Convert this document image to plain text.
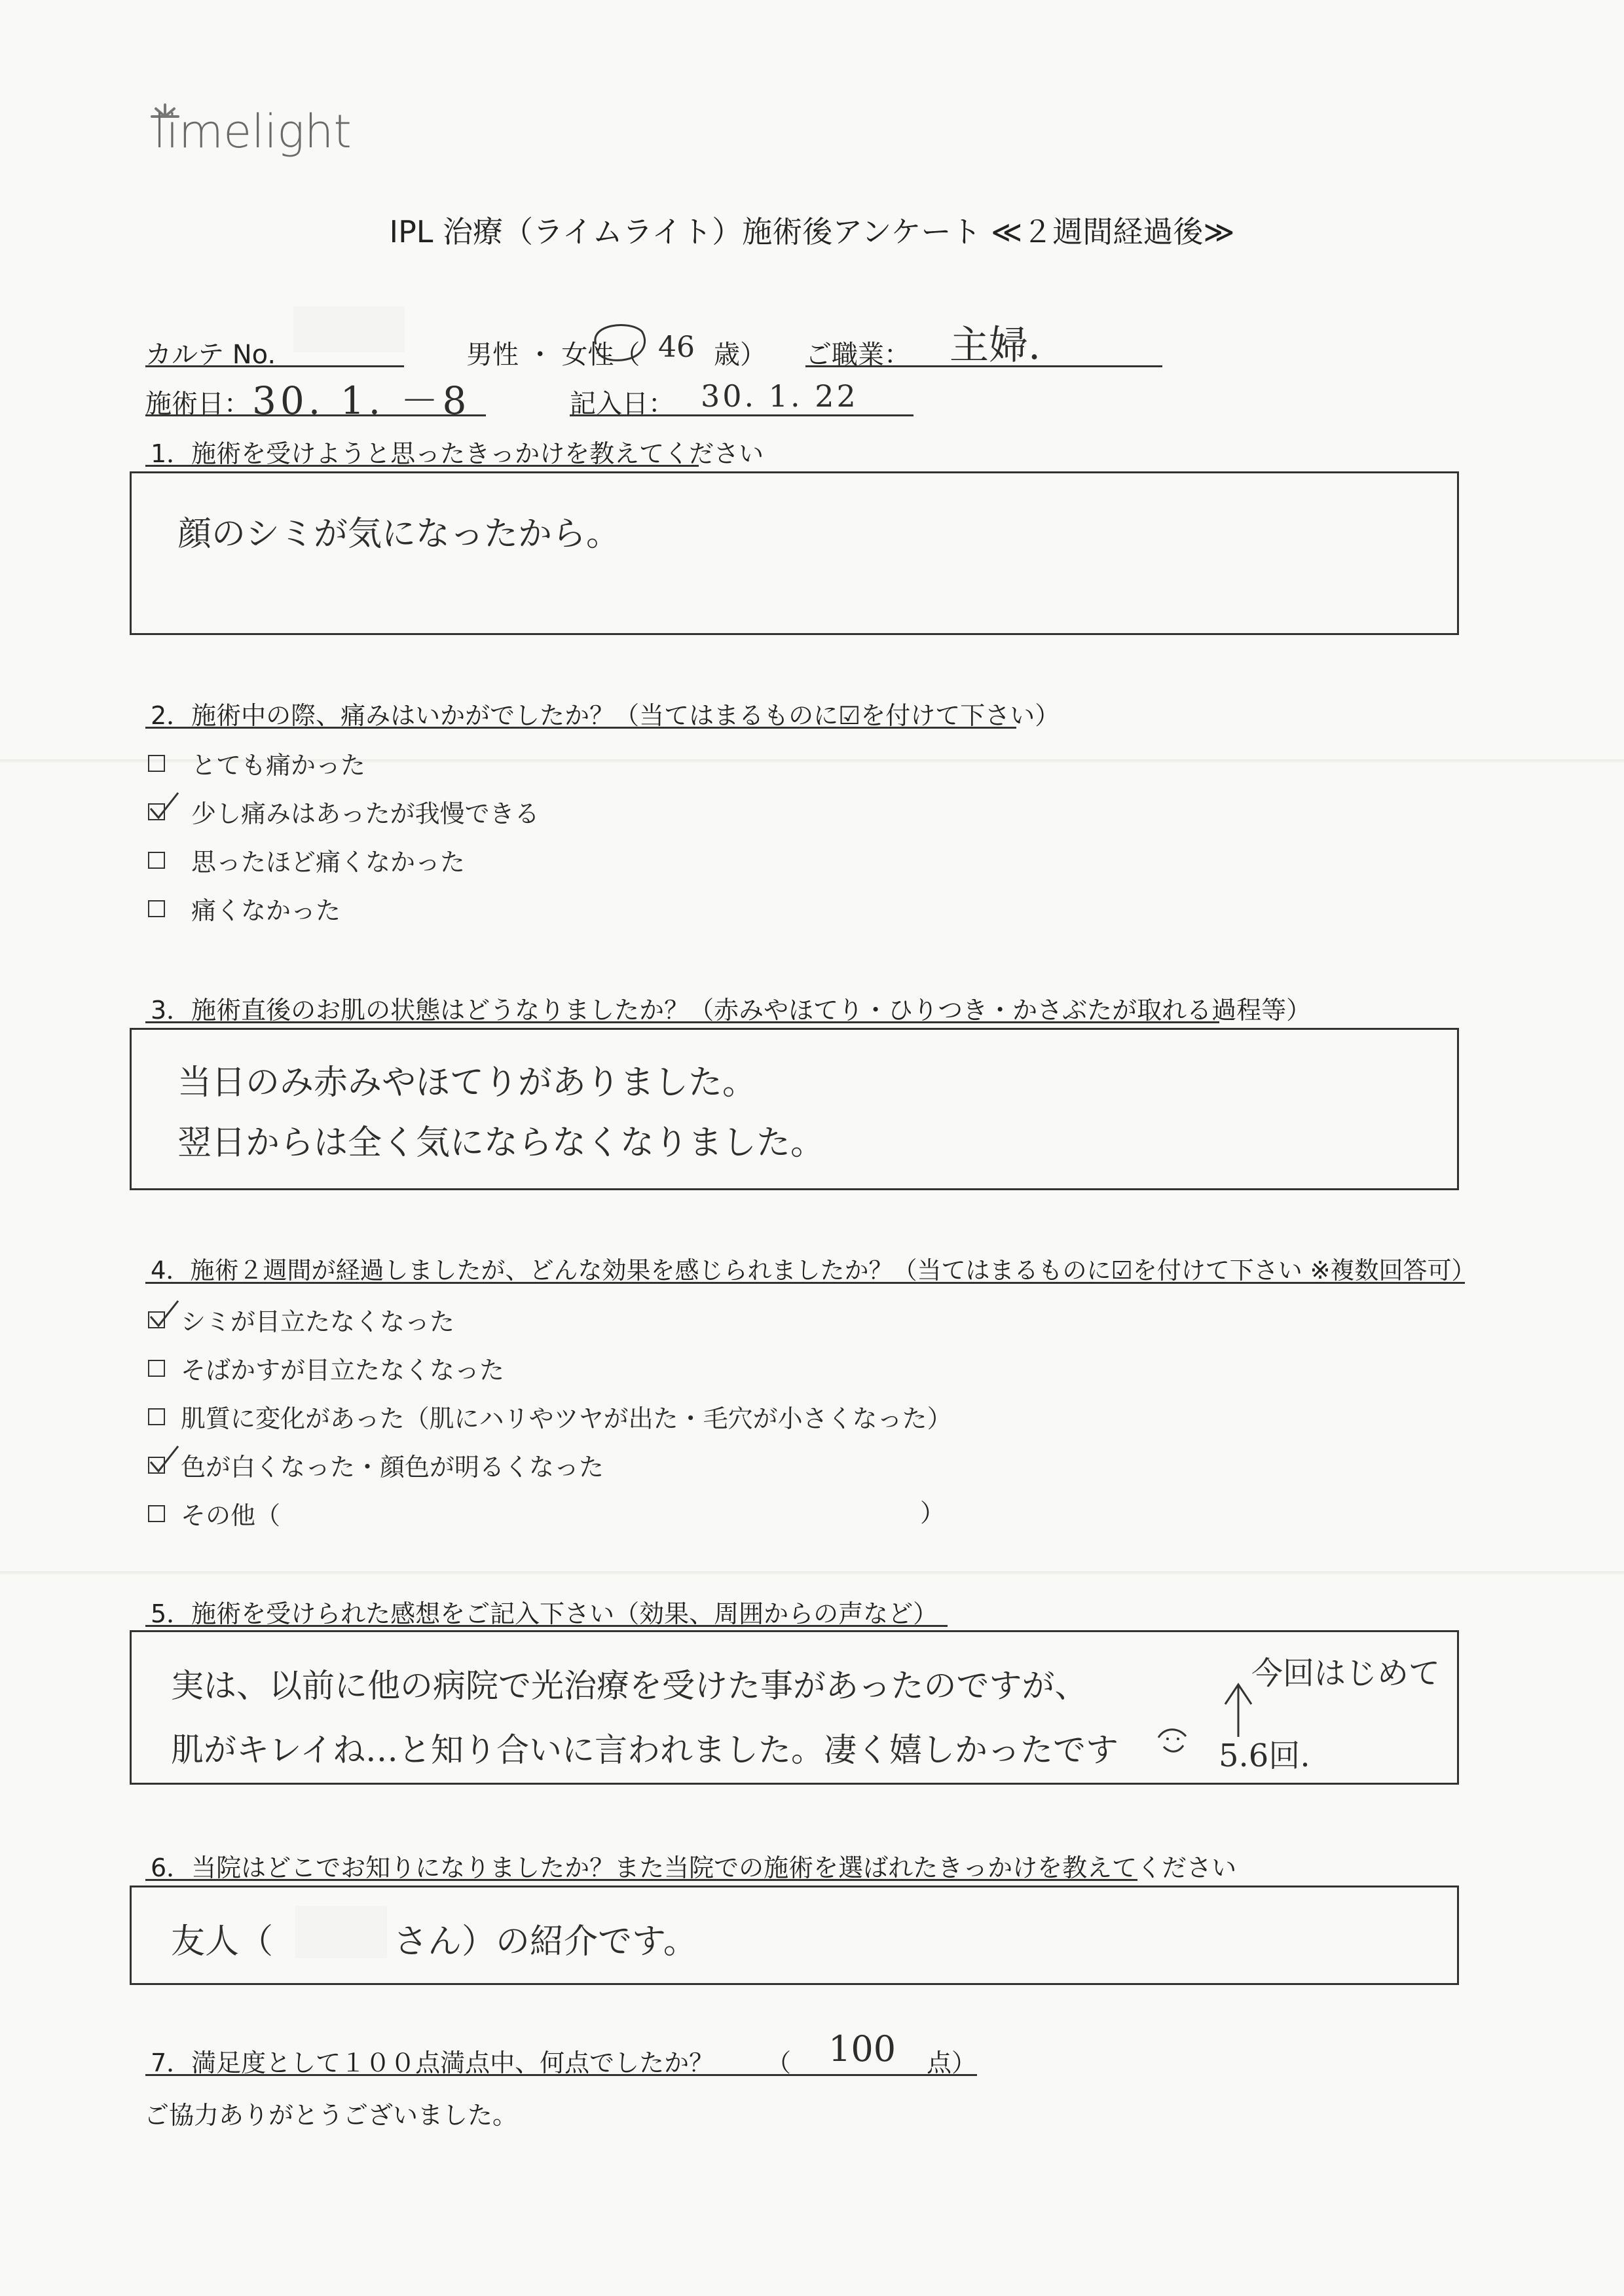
limelight
IPL 治療（ライムライト）施術後アンケート ≪２週間経過後≫
カルテ No.	男性 ・ 女性（ 46 歳） ご職業： 主婦.
施術日： 30. 1. －8	記入日： 30. 1. 22
1．施術を受けようと思ったきっかけを教えてください
顔のシミが気になったから。
2．施術中の際、痛みはいかがでしたか？（当てはまるものに☑を付けて下さい）
とても痛かった
少し痛みはあったが我慢できる
思ったほど痛くなかった
痛くなかった
3．施術直後のお肌の状態はどうなりましたか？（赤みやほてり・ひりつき・かさぶたが取れる過程等）
当日のみ赤みやほてりがありました。
翌日からは全く気にならなくなりました。
4．施術２週間が経過しましたが、どんな効果を感じられましたか？（当てはまるものに☑を付けて下さい ※複数回答可）
シミが目立たなくなった
そばかすが目立たなくなった
肌質に変化があった（肌にハリやツヤが出た・毛穴が小さくなった）
色が白くなった・顔色が明るくなった
その他（	）
5．施術を受けられた感想をご記入下さい（効果、周囲からの声など）
実は、以前に他の病院で光治療を受けた事があったのですが、	今回はじめて
肌がキレイね…と知り合いに言われました。凄く嬉しかったです	5.6回.
6．当院はどこでお知りになりましたか？また当院での施術を選ばれたきっかけを教えてください
友人（	さん）の紹介です。
7．満足度として１００点満点中、何点でしたか？ （ 100 点）
ご協力ありがとうございました。
